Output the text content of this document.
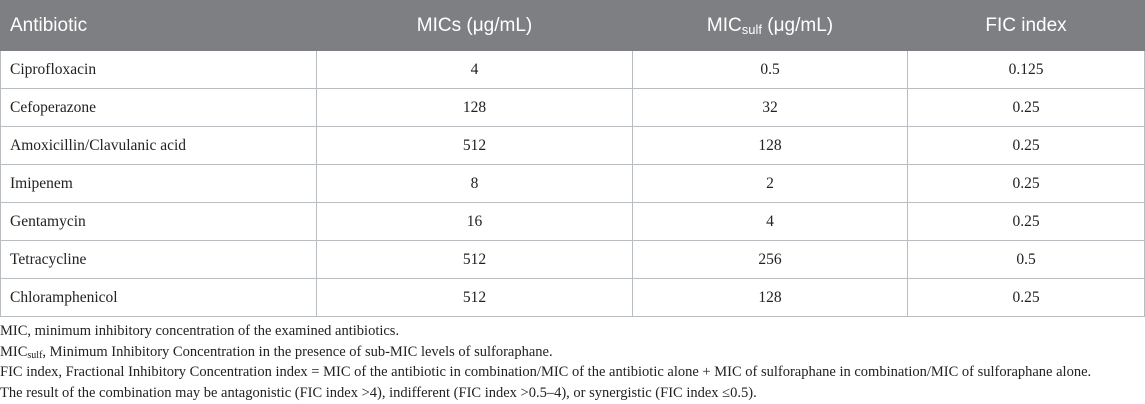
Antibiotic	MICs (μg/mL)	$MIC_{sulf}$ (μg/mL)	FIC index
Ciprofloxacin	4	0.5	0.125
Cefoperazone	128	32	0.25
Amoxicillin/Clavulanic acid	512	128	0.25
Imipenem	8	2	0.25
Gentamycin	16	4	0.25
Tetracycline	512	256	0.5
Chloramphenicol	512	128	0.25

MIC, minimum inhibitory concentration of the examined antibiotics.

$MIC_{sulf}$, Minimum Inhibitory Concentration in the presence of sub-MIC levels of sulforaphane.

FIC index, Fractional Inhibitory Concentration index = MIC of the antibiotic in combination/MIC of the antibiotic alone + MIC of sulforaphane in combination/MIC of sulforaphane alone.

The result of the combination may be antagonistic (FIC index >4), indifferent (FIC index >0.5–4), or synergistic (FIC index ≤0.5).
